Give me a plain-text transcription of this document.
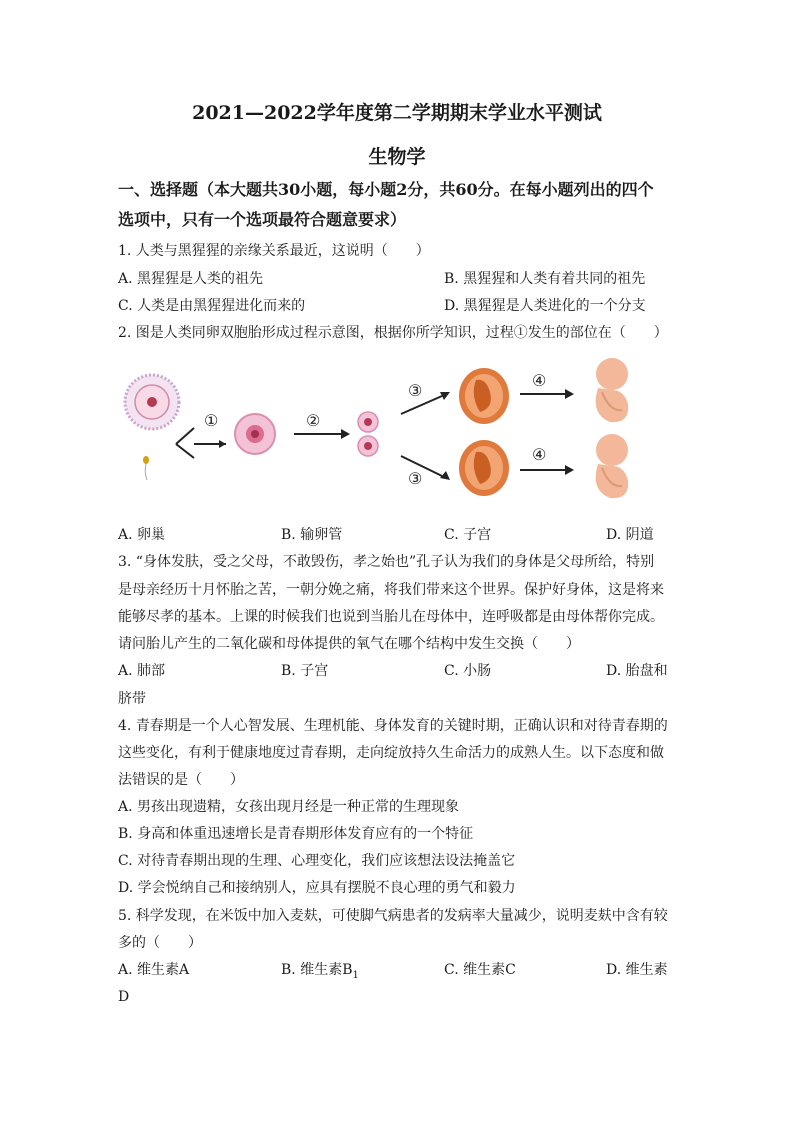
2021—2022学年度第二学期期末学业水平测试
生物学
一、选择题（本大题共30小题，每小题2分，共60分。在每小题列出的四个
选项中，只有一个选项最符合题意要求）
1. 人类与黑猩猩的亲缘关系最近，这说明（　　）
A. 黑猩猩是人类的祖先	B. 黑猩猩和人类有着共同的祖先
C. 人类是由黑猩猩进化而来的	D. 黑猩猩是人类进化的一个分支
2. 图是人类同卵双胞胎形成过程示意图，根据你所学知识，过程①发生的部位在（　　）
①	②
③
④
③
④
A. 卵巢	B. 输卵管	C. 子宫	D. 阴道
3. “身体发肤，受之父母，不敢毁伤，孝之始也”孔子认为我们的身体是父母所给，特别
是母亲经历十月怀胎之苦，一朝分娩之痛，将我们带来这个世界。保护好身体，这是将来
能够尽孝的基本。上课的时候我们也说到当胎儿在母体中，连呼吸都是由母体帮你完成。
请问胎儿产生的二氧化碳和母体提供的氧气在哪个结构中发生交换（　　）
A. 肺部	B. 子宫	C. 小肠	D. 胎盘和
脐带
4. 青春期是一个人心智发展、生理机能、身体发育的关键时期，正确认识和对待青春期的
这些变化，有利于健康地度过青春期，走向绽放持久生命活力的成熟人生。以下态度和做
法错误的是（　　）
A. 男孩出现遗精，女孩出现月经是一种正常的生理现象
B. 身高和体重迅速增长是青春期形体发育应有的一个特征
C. 对待青春期出现的生理、心理变化，我们应该想法设法掩盖它
D. 学会悦纳自己和接纳别人，应具有摆脱不良心理的勇气和毅力
5. 科学发现，在米饭中加入麦麸，可使脚气病患者的发病率大量减少，说明麦麸中含有较
多的（　　）
A. 维生素A	B. 维生素$B_1$	C. 维生素C	D. 维生素
D
